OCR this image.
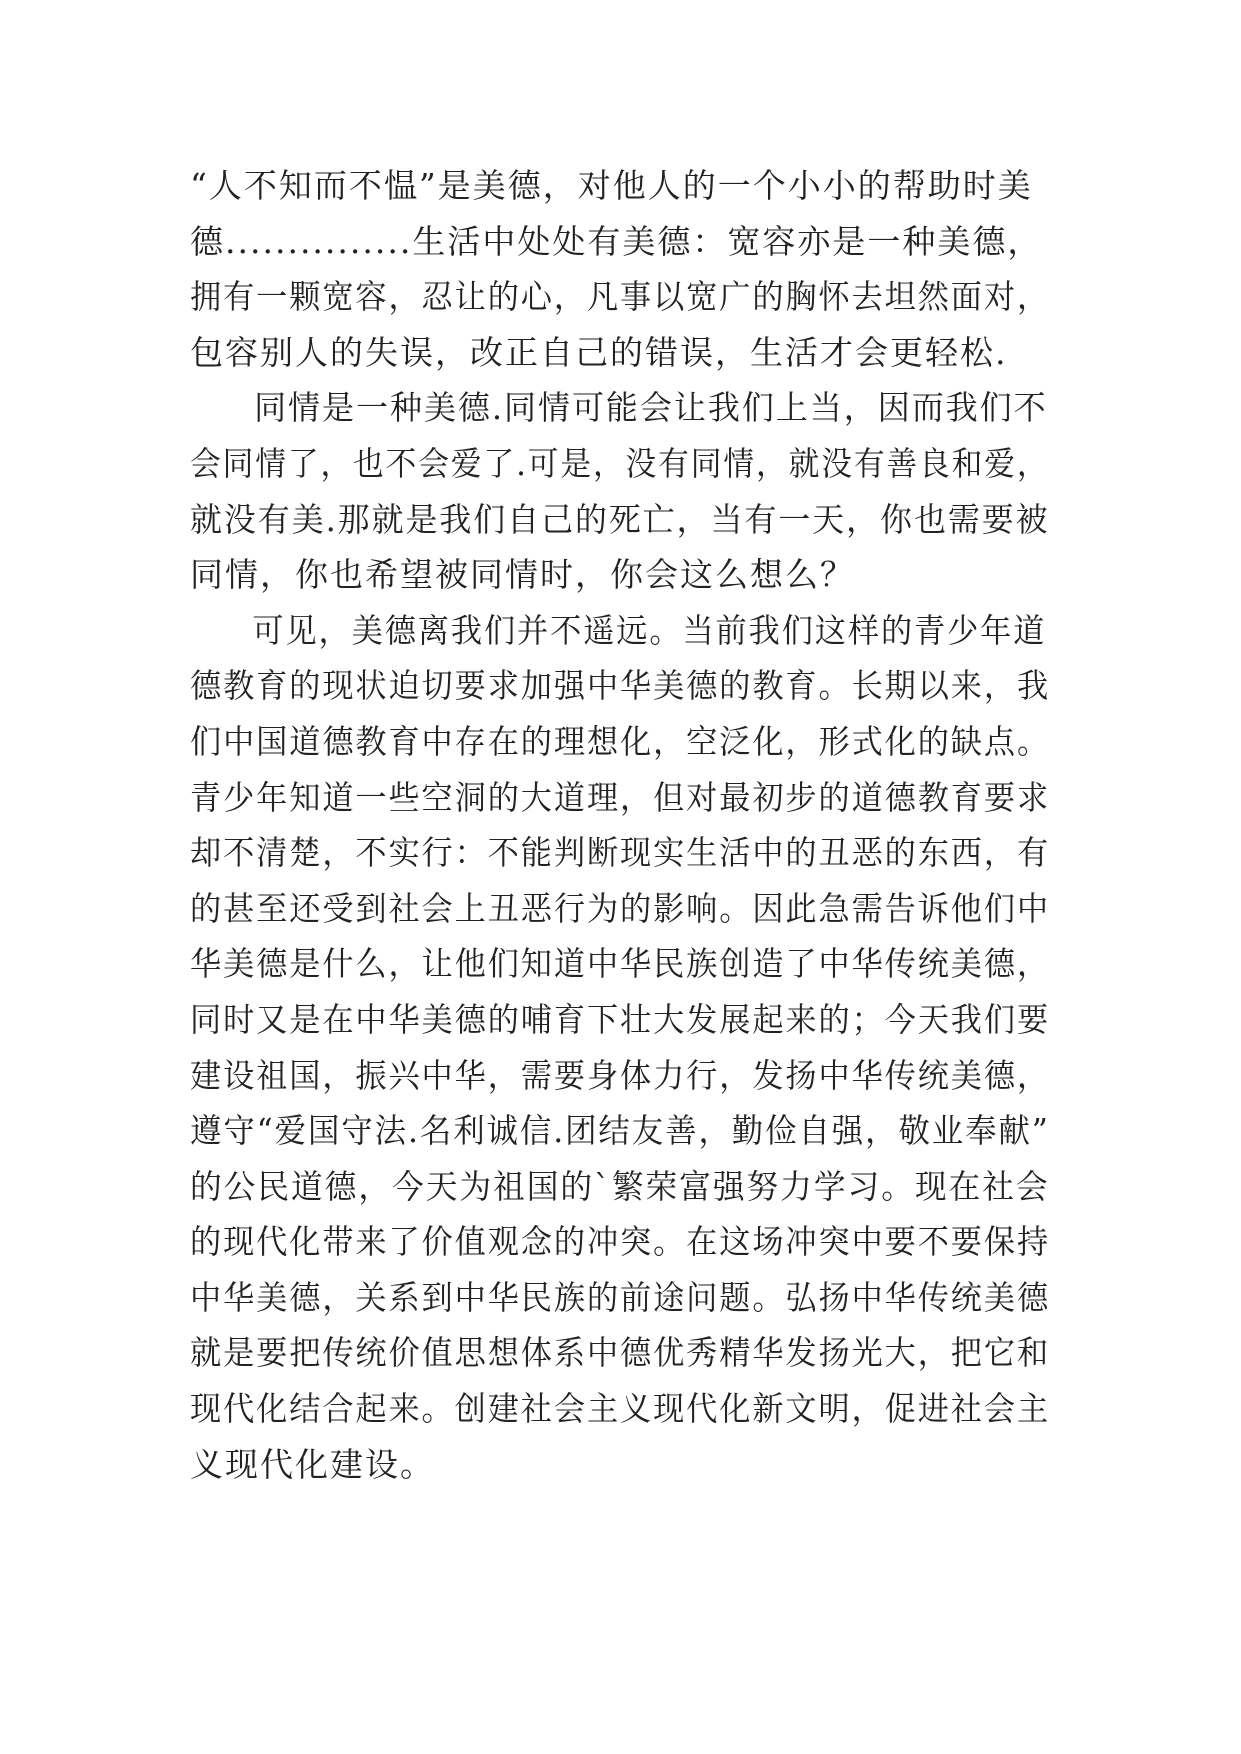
“人不知而不愠”是美德，对他人的一个小小的帮助时美
德...............生活中处处有美德：宽容亦是一种美德，
拥有一颗宽容，忍让的心，凡事以宽广的胸怀去坦然面对，
包容别人的失误，改正自己的错误，生活才会更轻松.
同情是一种美德.同情可能会让我们上当，因而我们不
会同情了，也不会爱了.可是，没有同情，就没有善良和爱，
就没有美.那就是我们自己的死亡，当有一天，你也需要被
同情，你也希望被同情时，你会这么想么？
可见，美德离我们并不遥远。当前我们这样的青少年道
德教育的现状迫切要求加强中华美德的教育。长期以来，我
们中国道德教育中存在的理想化，空泛化，形式化的缺点。
青少年知道一些空洞的大道理，但对最初步的道德教育要求
却不清楚，不实行：不能判断现实生活中的丑恶的东西，有
的甚至还受到社会上丑恶行为的影响。因此急需告诉他们中
华美德是什么，让他们知道中华民族创造了中华传统美德，
同时又是在中华美德的哺育下壮大发展起来的；今天我们要
建设祖国，振兴中华，需要身体力行，发扬中华传统美德，
遵守“爱国守法.名利诚信.团结友善，勤俭自强，敬业奉献”
的公民道德，今天为祖国的`繁荣富强努力学习。现在社会
的现代化带来了价值观念的冲突。在这场冲突中要不要保持
中华美德，关系到中华民族的前途问题。弘扬中华传统美德
就是要把传统价值思想体系中德优秀精华发扬光大，把它和
现代化结合起来。创建社会主义现代化新文明，促进社会主
义现代化建设。
